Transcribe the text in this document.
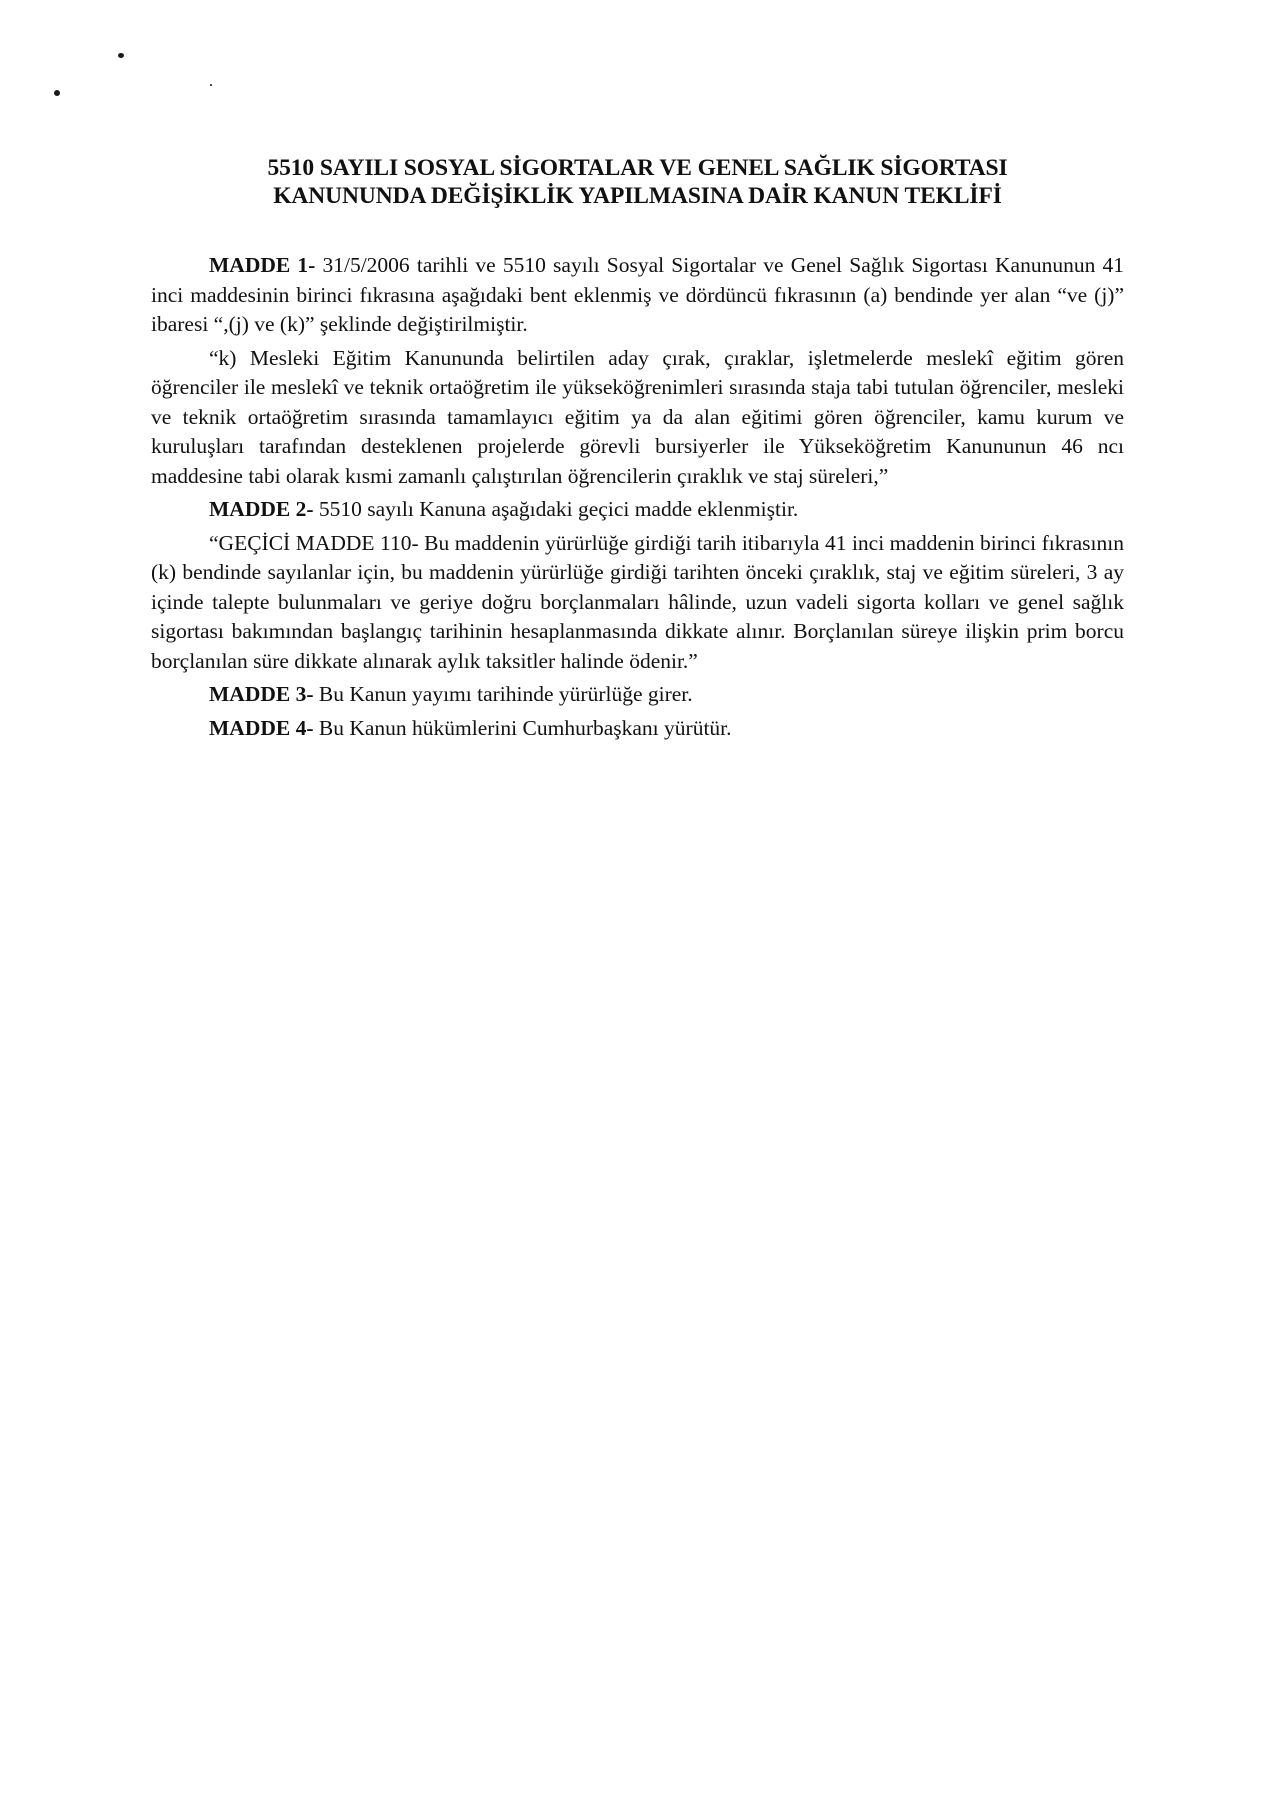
5510 SAYILI SOSYAL SİGORTALAR VE GENEL SAĞLIK SİGORTASI
KANUNUNDA DEĞİŞİKLİK YAPILMASINA DAİR KANUN TEKLİFİ

MADDE 1- 31/5/2006 tarihli ve 5510 sayılı Sosyal Sigortalar ve Genel Sağlık Sigortası Kanununun 41 inci maddesinin birinci fıkrasına aşağıdaki bent eklenmiş ve dördüncü fıkrasının (a) bendinde yer alan “ve (j)” ibaresi “,(j) ve (k)” şeklinde değiştirilmiştir.

“k) Mesleki Eğitim Kanununda belirtilen aday çırak, çıraklar, işletmelerde meslekî eğitim gören öğrenciler ile meslekî ve teknik ortaöğretim ile yükseköğrenimleri sırasında staja tabi tutulan öğrenciler, mesleki ve teknik ortaöğretim sırasında tamamlayıcı eğitim ya da alan eğitimi gören öğrenciler, kamu kurum ve kuruluşları tarafından desteklenen projelerde görevli bursiyerler ile Yükseköğretim Kanununun 46 ncı maddesine tabi olarak kısmi zamanlı çalıştırılan öğrencilerin çıraklık ve staj süreleri,”

MADDE 2- 5510 sayılı Kanuna aşağıdaki geçici madde eklenmiştir.

“GEÇİCİ MADDE 110- Bu maddenin yürürlüğe girdiği tarih itibarıyla 41 inci maddenin birinci fıkrasının (k) bendinde sayılanlar için, bu maddenin yürürlüğe girdiği tarihten önceki çıraklık, staj ve eğitim süreleri, 3 ay içinde talepte bulunmaları ve geriye doğru borçlanmaları hâlinde, uzun vadeli sigorta kolları ve genel sağlık sigortası bakımından başlangıç tarihinin hesaplanmasında dikkate alınır. Borçlanılan süreye ilişkin prim borcu borçlanılan süre dikkate alınarak aylık taksitler halinde ödenir.”

MADDE 3- Bu Kanun yayımı tarihinde yürürlüğe girer.

MADDE 4- Bu Kanun hükümlerini Cumhurbaşkanı yürütür.
